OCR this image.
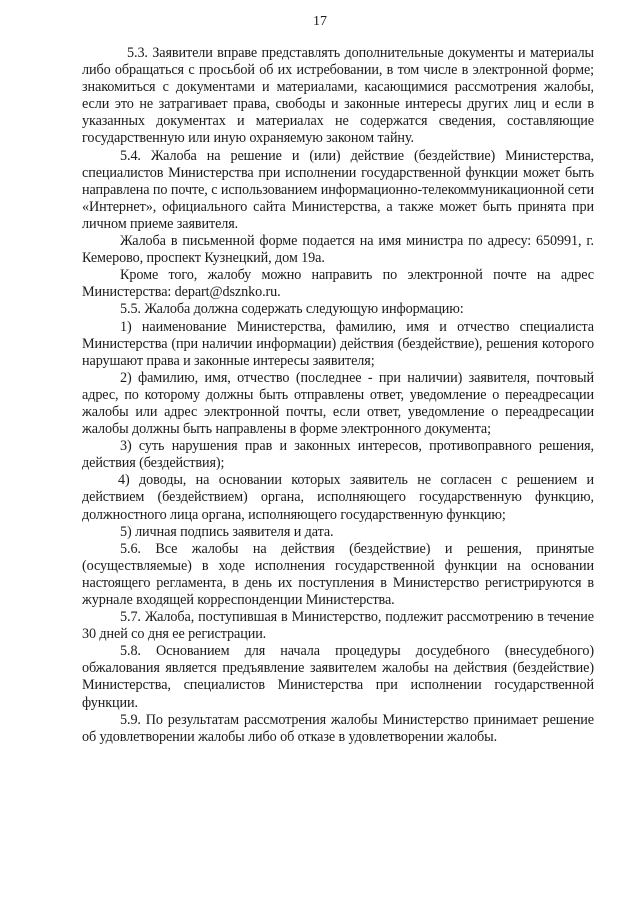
17

5.3. Заявители вправе представлять дополнительные документы и материалы либо обращаться с просьбой об их истребовании, в том числе в электронной форме; знакомиться с документами и материалами, касающимися рассмотрения жалобы, если это не затрагивает права, свободы и законные интересы других лиц и если в указанных документах и материалах не содержатся сведения, составляющие государственную или иную охраняемую законом тайну.

5.4. Жалоба на решение и (или) действие (бездействие) Министерства, специалистов Министерства при исполнении государственной функции может быть направлена по почте, с использованием информационно-телекоммуникационной сети «Интернет», официального сайта Министерства, а также может быть принята при личном приеме заявителя.

Жалоба в письменной форме подается на имя министра по адресу: 650991, г. Кемерово, проспект Кузнецкий, дом 19а.

Кроме того, жалобу можно направить по электронной почте на адрес Министерства: depart@dsznko.ru.

5.5. Жалоба должна содержать следующую информацию:

1) наименование Министерства, фамилию, имя и отчество специалиста Министерства (при наличии информации) действия (бездействие), решения которого нарушают права и законные интересы заявителя;

2) фамилию, имя, отчество (последнее - при наличии) заявителя, почтовый адрес, по которому должны быть отправлены ответ, уведомление о переадресации жалобы или адрес электронной почты, если ответ, уведомление о переадресации жалобы должны быть направлены в форме электронного документа;

3) суть нарушения прав и законных интересов, противоправного решения, действия (бездействия);

4) доводы, на основании которых заявитель не согласен с решением и действием (бездействием) органа, исполняющего государственную функцию, должностного лица органа, исполняющего государственную функцию;

5) личная подпись заявителя и дата.

5.6. Все жалобы на действия (бездействие) и решения, принятые (осуществляемые) в ходе исполнения государственной функции на основании настоящего регламента, в день их поступления в Министерство регистрируются в журнале входящей корреспонденции Министерства.

5.7. Жалоба, поступившая в Министерство, подлежит рассмотрению в течение 30 дней со дня ее регистрации.

5.8. Основанием для начала процедуры досудебного (внесудебного) обжалования является предъявление заявителем жалобы на действия (бездействие) Министерства, специалистов Министерства при исполнении государственной функции.

5.9. По результатам рассмотрения жалобы Министерство принимает решение об удовлетворении жалобы либо об отказе в удовлетворении жалобы.
